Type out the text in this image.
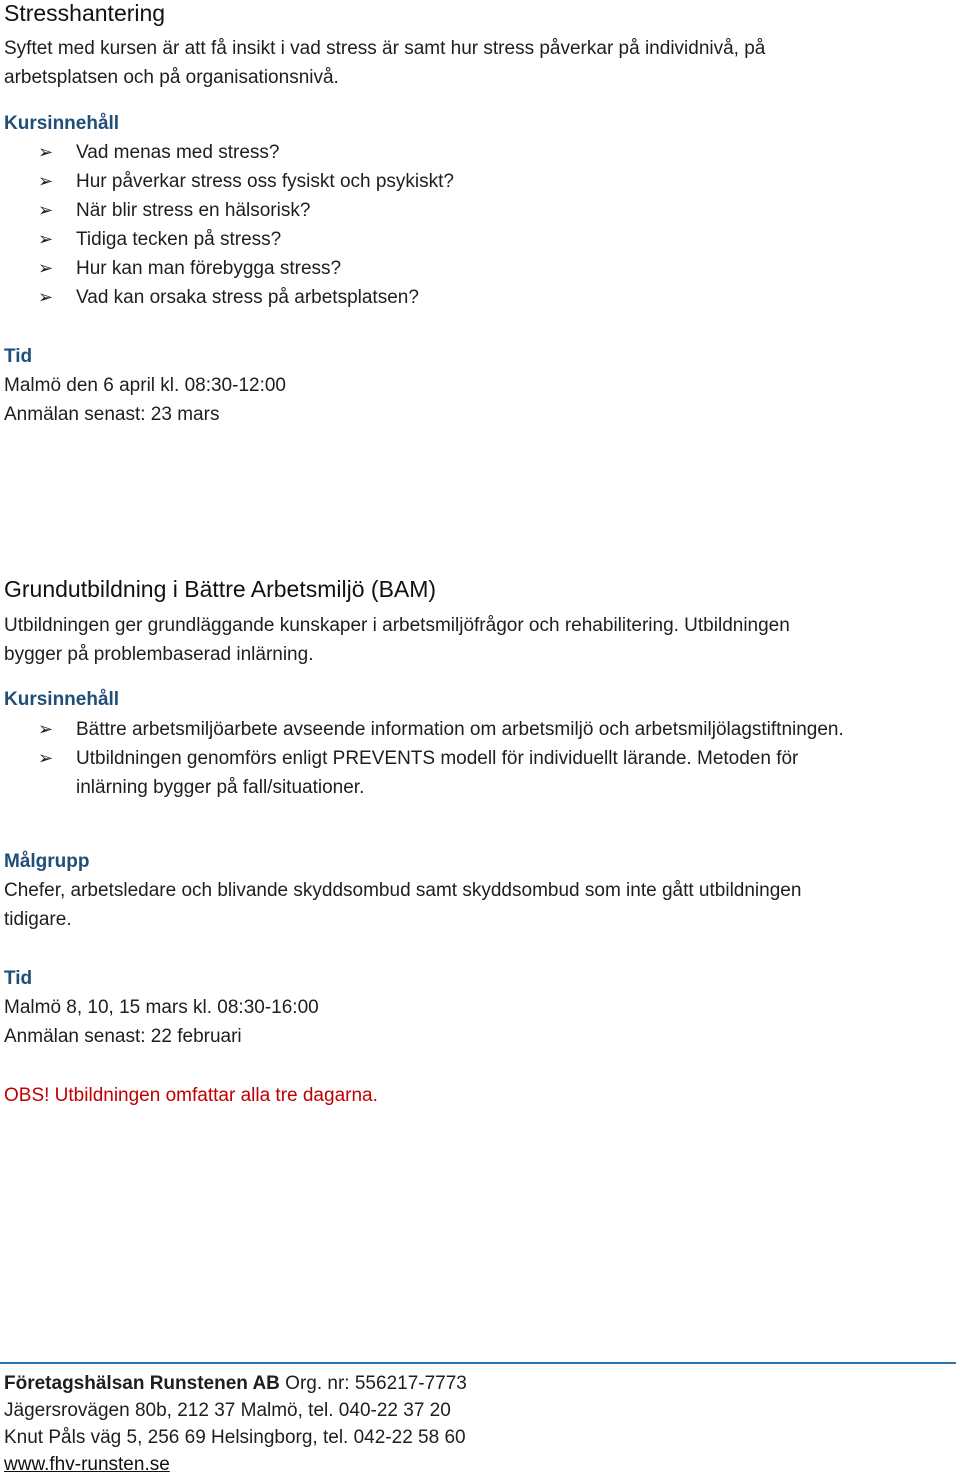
Stresshantering
Syftet med kursen är att få insikt i vad stress är samt hur stress påverkar på individnivå, på
arbetsplatsen och på organisationsnivå.
Kursinnehåll
➢ Vad menas med stress?
➢ Hur påverkar stress oss fysiskt och psykiskt?
➢ När blir stress en hälsorisk?
➢ Tidiga tecken på stress?
➢ Hur kan man förebygga stress?
➢ Vad kan orsaka stress på arbetsplatsen?
Tid
Malmö den 6 april kl. 08:30-12:00
Anmälan senast: 23 mars
Grundutbildning i Bättre Arbetsmiljö (BAM)
Utbildningen ger grundläggande kunskaper i arbetsmiljöfrågor och rehabilitering. Utbildningen
bygger på problembaserad inlärning.
Kursinnehåll
➢ Bättre arbetsmiljöarbete avseende information om arbetsmiljö och arbetsmiljölagstiftningen.
➢ Utbildningen genomförs enligt PREVENTS modell för individuellt lärande. Metoden för
inlärning bygger på fall/situationer.
Målgrupp
Chefer, arbetsledare och blivande skyddsombud samt skyddsombud som inte gått utbildningen
tidigare.
Tid
Malmö 8, 10, 15 mars kl. 08:30-16:00
Anmälan senast: 22 februari
OBS! Utbildningen omfattar alla tre dagarna.
Företagshälsan Runstenen AB Org. nr: 556217-7773
Jägersrovägen 80b, 212 37 Malmö, tel. 040-22 37 20
Knut Påls väg 5, 256 69 Helsingborg, tel. 042-22 58 60
www.fhv-runsten.se
